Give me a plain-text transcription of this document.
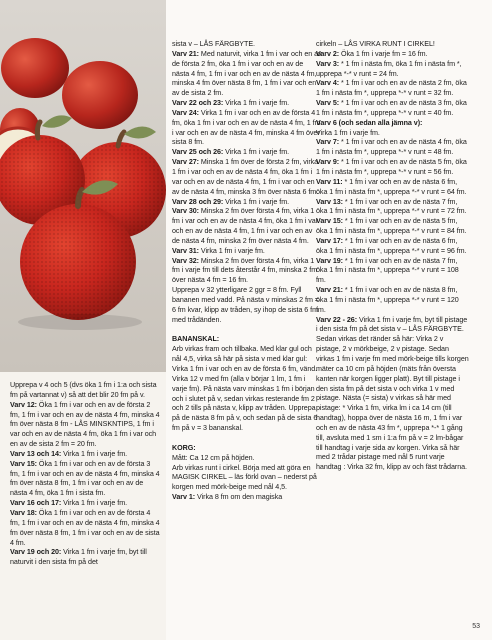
Upprepa v 4 och 5 (dvs öka 1 fm i 1:a och sista fm på vartannat v) så att det blir 20 fm på v.

Varv 12: Öka 1 fm i var och en av de första 2 fm, 1 fm i var och en av de nästa 4 fm, minska 4 fm över nästa 8 fm - LÅS MINSKNTIPS, 1 fm i var och en av de nästa 4 fm, öka 1 fm i var och en av de sista 2 fm = 20 fm.

Varv 13 och 14: Virka 1 fm i varje fm.

Varv 15: Öka 1 fm i var och en av de första 3 fm, 1 fm i var och en av de nästa 4 fm, minska 4 fm över nästa 8 fm, 1 fm i var och en av de nästa 4 fm, öka 1 fm i sista fm.

Varv 16 och 17: Virka 1 fm i varje fm.

Varv 18: Öka 1 fm i var och en av de första 4 fm, 1 fm i var och en av de nästa 4 fm, minska 4 fm över nästa 8 fm, 1 fm i var och en av de sista 4 fm.

Varv 19 och 20: Virka 1 fm i varje fm, byt till naturvit i den sista fm på det

sista v – LÅS FÄRGBYTE.

Varv 21: Med naturvit, virka 1 fm i var och en av de första 2 fm, öka 1 fm i var och en av de nästa 4 fm, 1 fm i var och en av de nästa 4 fm, minska 4 fm över nästa 8 fm, 1 fm i var och en av de sista 2 fm.

Varv 22 och 23: Virka 1 fm i varje fm.

Varv 24: Virka 1 fm i var och en av de första 4 fm, öka 1 fm i var och en av de nästa 4 fm, 1 fm i var och en av de nästa 4 fm, minska 4 fm över sista 8 fm.

Varv 25 och 26: Virka 1 fm i varje fm.

Varv 27: Minska 1 fm över de första 2 fm, virka 1 fm i var och en av de nästa 4 fm, öka 1 fm i var och en av de nästa 4 fm, 1 fm i var och en av de nästa 4 fm, minska 3 fm över nästa 6 fm.

Varv 28 och 29: Virka 1 fm i varje fm.

Varv 30: Minska 2 fm över första 4 fm, virka 1 fm i var och en av de nästa 4 fm, öka 1 fm i var och en av de nästa 4 fm, 1 fm i var och en av de nästa 4 fm, minska 2 fm över nästa 4 fm.

Varv 31: Virka 1 fm i varje fm.

Varv 32: Minska 2 fm över första 4 fm, virka 1 fm i varje fm till dets återstår 4 fm, minska 2 fm över nästa 4 fm = 16 fm.

Upprepa v 32 ytterligare 2 ggr = 8 fm. Fyll bananen med vadd. På nästa v minskas 2 fm = 6 fm kvar, klipp av tråden, sy ihop de sista 6 fm med trådänden.

BANANSKAL:

Arb virkas fram och tillbaka. Med klar gul och nål 4,5, virka så här på sista v med klar gul: Virka 1 fm i var och en av de första 6 fm, vänd. Virka 12 v med fm (alla v börjar 1 lm, 1 fm i varje fm). På nästa varv minskas 1 fm i början och i slutet på v, sedan virkas resterande fm 2 och 2 tills på nästa v, klipp av tråden. Upprepa på de nästa 8 fm på v, och sedan på de sista 6 fm på v = 3 bananskal.

KORG:

Mått: Ca 12 cm på höjden.

Arb virkas runt i cirkel. Börja med att göra en MAGISK CIRKEL – läs förkl ovan – nederst på korgen med mörk-beige med nål 4,5.

Varv 1: Virka 8 fm om den magiska

cirkeln – LÅS VIRKA RUNT I CIRKEL!

Varv 2: Öka 1 fm i varje fm = 16 fm.

Varv 3: * 1 fm i nästa fm, öka 1 fm i nästa fm *, upprepa *-* v runt = 24 fm.

Varv 4: * 1 fm i var och en av de nästa 2 fm, öka 1 fm i nästa fm *, upprepa *-* v runt = 32 fm.

Varv 5: * 1 fm i var och en av de nästa 3 fm, öka 1 fm i nästa fm *, upprepa *-* v runt = 40 fm.

Varv 6 (och sedan alla jämna v):

Virka 1 fm i varje fm.

Varv 7: * 1 fm i var och en av de nästa 4 fm, öka 1 fm i nästa fm *, upprepa *-* v runt = 48 fm.

Varv 9: * 1 fm i var och en av de nästa 5 fm, öka 1 fm i nästa fm *, upprepa *-* v runt = 56 fm.

Varv 11: * 1 fm i var och en av de nästa 6 fm, öka 1 fm i nästa fm *, upprepa *-* v runt = 64 fm.

Varv 13: * 1 fm i var och en av de nästa 7 fm, öka 1 fm i nästa fm *, upprepa *-* v runt = 72 fm.

Varv 15: * 1 fm i var och en av de nästa 5 fm, öka 1 fm i nästa fm *, upprepa *-* v runt = 84 fm.

Varv 17: * 1 fm i var och en av de nästa 6 fm, öka 1 fm i nästa fm *, upprepa *-* v runt = 96 fm.

Varv 19: * 1 fm i var och en av de nästa 7 fm, öka 1 fm i nästa fm *, upprepa *-* v runt = 108 fm.

Varv 21: * 1 fm i var och en av de nästa 8 fm, öka 1 fm i nästa fm *, upprepa *-* v runt = 120 fm.

Varv 22 - 26: Virka 1 fm i varje fm, byt till pistage i den sista fm på det sista v – LÅS FÄRGBYTE.

Sedan virkas det ränder så här: Virka 2 v pistage, 2 v mörkbeige, 2 v pistage. Sedan virkas 1 fm i varje fm med mörk-beige tills korgen mäter ca 10 cm på höjden (mäts från översta kanten när korgen ligger platt). Byt till pistage i den sista fm på det sista v och virka 1 v med pistage. Nästa (= sista) v virkas så här med pistage: * Virka 1 fm, virka lm i ca 14 cm (till handtag), hoppa över de nästa 16 m, 1 fm i var och en av de nästa 43 fm *, upprepa *-* 1 gång till, avsluta med 1 sm i 1:a fm på v = 2 lm-bågar till handtag i varje sida av korgen. Virka så här med 2 trådar pistage med nål 5 runt varje handtag : Virka 32 fm, klipp av och fäst trådarna.

53
